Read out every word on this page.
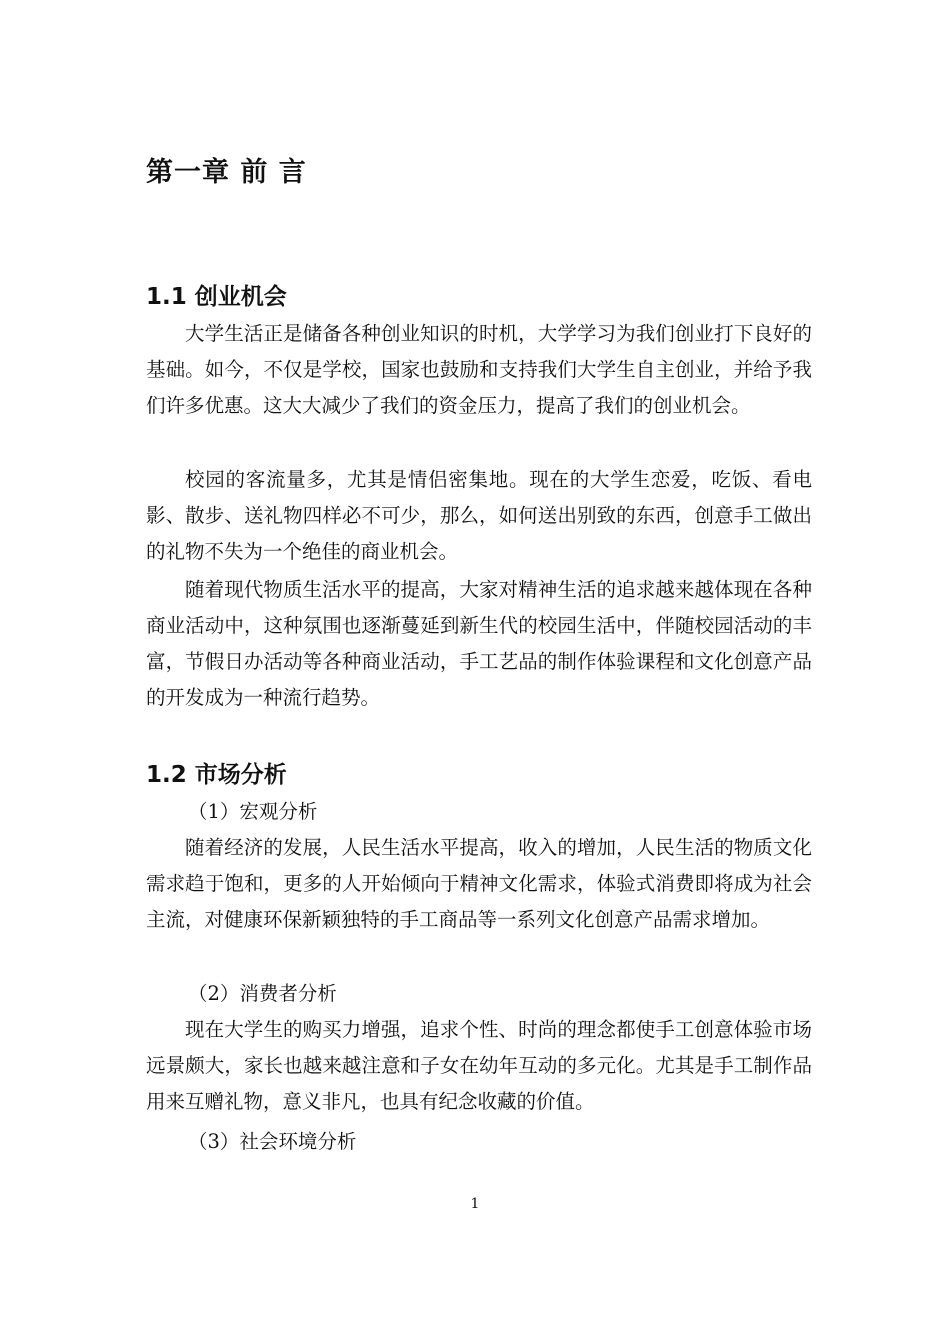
第一章 前 言
1.1 创业机会

大学生活正是储备各种创业知识的时机，大学学习为我们创业打下良好的基础。如今，不仅是学校，国家也鼓励和支持我们大学生自主创业，并给予我们许多优惠。这大大减少了我们的资金压力，提高了我们的创业机会。

校园的客流量多，尤其是情侣密集地。现在的大学生恋爱，吃饭、看电影、散步、送礼物四样必不可少，那么，如何送出别致的东西，创意手工做出的礼物不失为一个绝佳的商业机会。

随着现代物质生活水平的提高，大家对精神生活的追求越来越体现在各种商业活动中，这种氛围也逐渐蔓延到新生代的校园生活中，伴随校园活动的丰富，节假日办活动等各种商业活动，手工艺品的制作体验课程和文化创意产品的开发成为一种流行趋势。

1.2 市场分析

（1）宏观分析

随着经济的发展，人民生活水平提高，收入的增加，人民生活的物质文化需求趋于饱和，更多的人开始倾向于精神文化需求，体验式消费即将成为社会主流，对健康环保新颖独特的手工商品等一系列文化创意产品需求增加。

（2）消费者分析

现在大学生的购买力增强，追求个性、时尚的理念都使手工创意体验市场远景颇大，家长也越来越注意和子女在幼年互动的多元化。尤其是手工制作品用来互赠礼物，意义非凡，也具有纪念收藏的价值。

（3）社会环境分析

1
